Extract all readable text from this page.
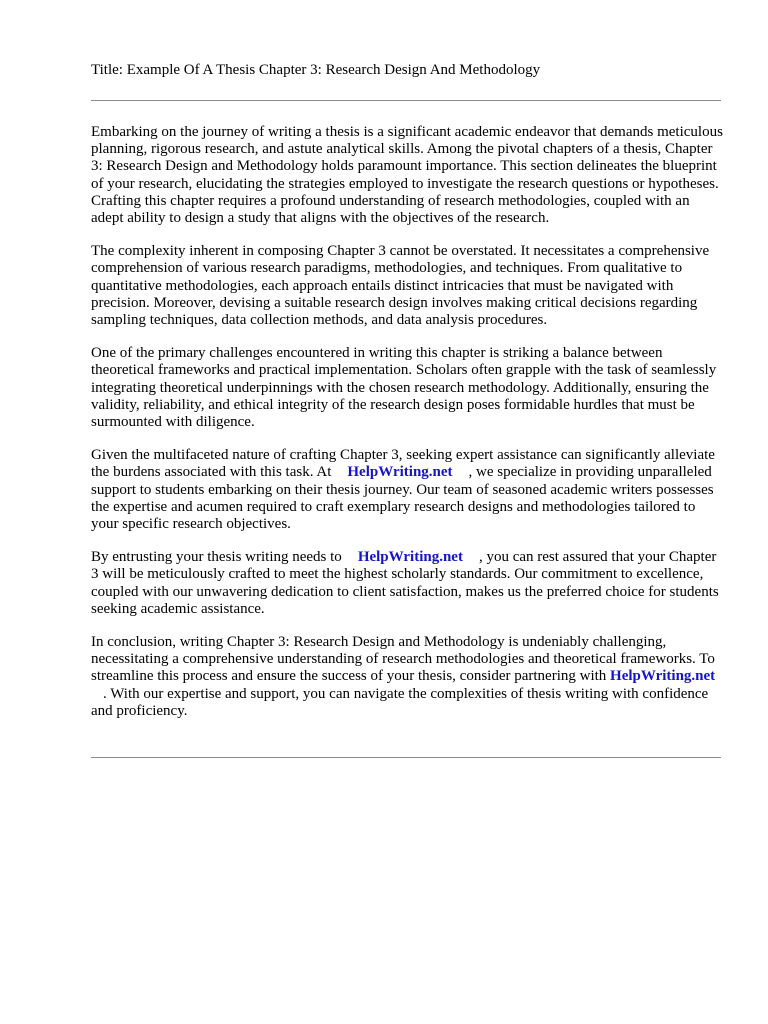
Title: Example Of A Thesis Chapter 3: Research Design And Methodology

Embarking on the journey of writing a thesis is a significant academic endeavor that demands meticulous planning, rigorous research, and astute analytical skills. Among the pivotal chapters of a thesis, Chapter 3: Research Design and Methodology holds paramount importance. This section delineates the blueprint of your research, elucidating the strategies employed to investigate the research questions or hypotheses. Crafting this chapter requires a profound understanding of research methodologies, coupled with an adept ability to design a study that aligns with the objectives of the research.

The complexity inherent in composing Chapter 3 cannot be overstated. It necessitates a comprehensive comprehension of various research paradigms, methodologies, and techniques. From qualitative to quantitative methodologies, each approach entails distinct intricacies that must be navigated with precision. Moreover, devising a suitable research design involves making critical decisions regarding sampling techniques, data collection methods, and data analysis procedures.

One of the primary challenges encountered in writing this chapter is striking a balance between theoretical frameworks and practical implementation. Scholars often grapple with the task of seamlessly integrating theoretical underpinnings with the chosen research methodology. Additionally, ensuring the validity, reliability, and ethical integrity of the research design poses formidable hurdles that must be surmounted with diligence.

Given the multifaceted nature of crafting Chapter 3, seeking expert assistance can significantly alleviate the burdens associated with this task. At HelpWriting.net , we specialize in providing unparalleled support to students embarking on their thesis journey. Our team of seasoned academic writers possesses the expertise and acumen required to craft exemplary research designs and methodologies tailored to your specific research objectives.

By entrusting your thesis writing needs to HelpWriting.net , you can rest assured that your Chapter 3 will be meticulously crafted to meet the highest scholarly standards. Our commitment to excellence, coupled with our unwavering dedication to client satisfaction, makes us the preferred choice for students seeking academic assistance.

In conclusion, writing Chapter 3: Research Design and Methodology is undeniably challenging, necessitating a comprehensive understanding of research methodologies and theoretical frameworks. To streamline this process and ensure the success of your thesis, consider partnering with HelpWriting.net. With our expertise and support, you can navigate the complexities of thesis writing with confidence and proficiency.
